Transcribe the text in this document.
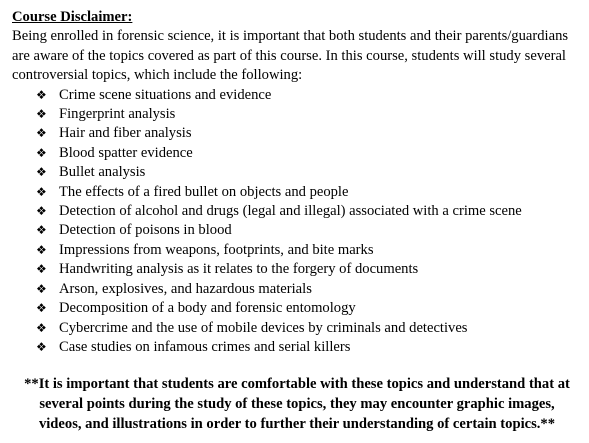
Course Disclaimer:

Being enrolled in forensic science, it is important that both students and their parents/guardians are aware of the topics covered as part of this course. In this course, students will study several controversial topics, which include the following:

❖ Crime scene situations and evidence
❖ Fingerprint analysis
❖ Hair and fiber analysis
❖ Blood spatter evidence
❖ Bullet analysis
❖ The effects of a fired bullet on objects and people
❖ Detection of alcohol and drugs (legal and illegal) associated with a crime scene
❖ Detection of poisons in blood
❖ Impressions from weapons, footprints, and bite marks
❖ Handwriting analysis as it relates to the forgery of documents
❖ Arson, explosives, and hazardous materials
❖ Decomposition of a body and forensic entomology
❖ Cybercrime and the use of mobile devices by criminals and detectives
❖ Case studies on infamous crimes and serial killers

**It is important that students are comfortable with these topics and understand that at several points during the study of these topics, they may encounter graphic images, videos, and illustrations in order to further their understanding of certain topics.**
